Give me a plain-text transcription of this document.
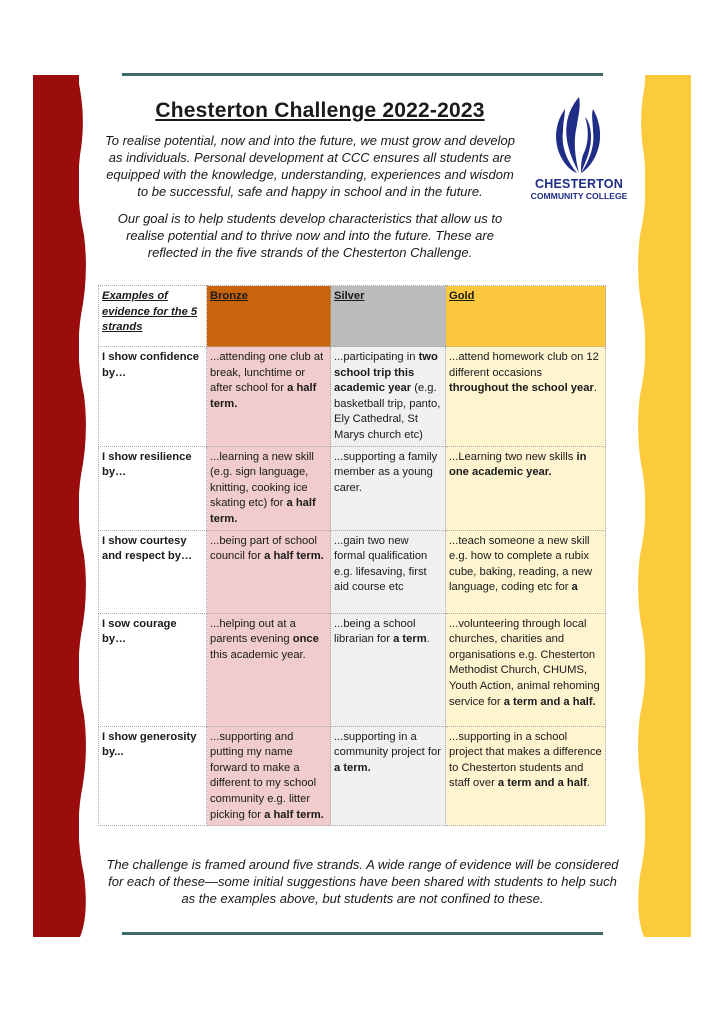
Chesterton Challenge 2022-2023

To realise potential, now and into the future, we must grow and develop as individuals. Personal development at CCC ensures all students are equipped with the knowledge, understanding, experiences and wisdom to be successful, safe and happy in school and in the future.

Our goal is to help students develop characteristics that allow us to realise potential and to thrive now and into the future. These are reflected in the five strands of the Chesterton Challenge.

CHESTERTON
COMMUNITY COLLEGE
Examples of evidence for the 5 strands	Bronze	Silver	Gold
I show confidence by…	...attending one club at break, lunchtime or after school for a half term.	...participating in two school trip this academic year (e.g. basketball trip, panto, Ely Cathedral, St Marys church etc)	...attend homework club on 12 different occasions throughout the school year.
I show resilience by…	...learning a new skill (e.g. sign language, knitting, cooking ice skating etc) for a half term.	...supporting a family member as a young carer.	...Learning two new skills in one academic year.
I show courtesy and respect by…	...being part of school council for a half term.	...gain two new formal qualification e.g. lifesaving, first aid course etc	...teach someone a new skill e.g. how to complete a rubix cube, baking, reading, a new language, coding etc for a
I sow courage by…	...helping out at a parents evening once this academic year.	...being a school librarian for a term.	...volunteering through local churches, charities and organisations e.g. Chesterton Methodist Church, CHUMS, Youth Action, animal rehoming service for a term and a half.
I show generosity by...	...supporting and putting my name forward to make a different to my school community e.g. litter picking for a half term.	...supporting in a community project for a term.	...supporting in a school project that makes a difference to Chesterton students and staff over a term and a half.

The challenge is framed around five strands. A wide range of evidence will be considered for each of these—some initial suggestions have been shared with students to help such as the examples above, but students are not confined to these.
